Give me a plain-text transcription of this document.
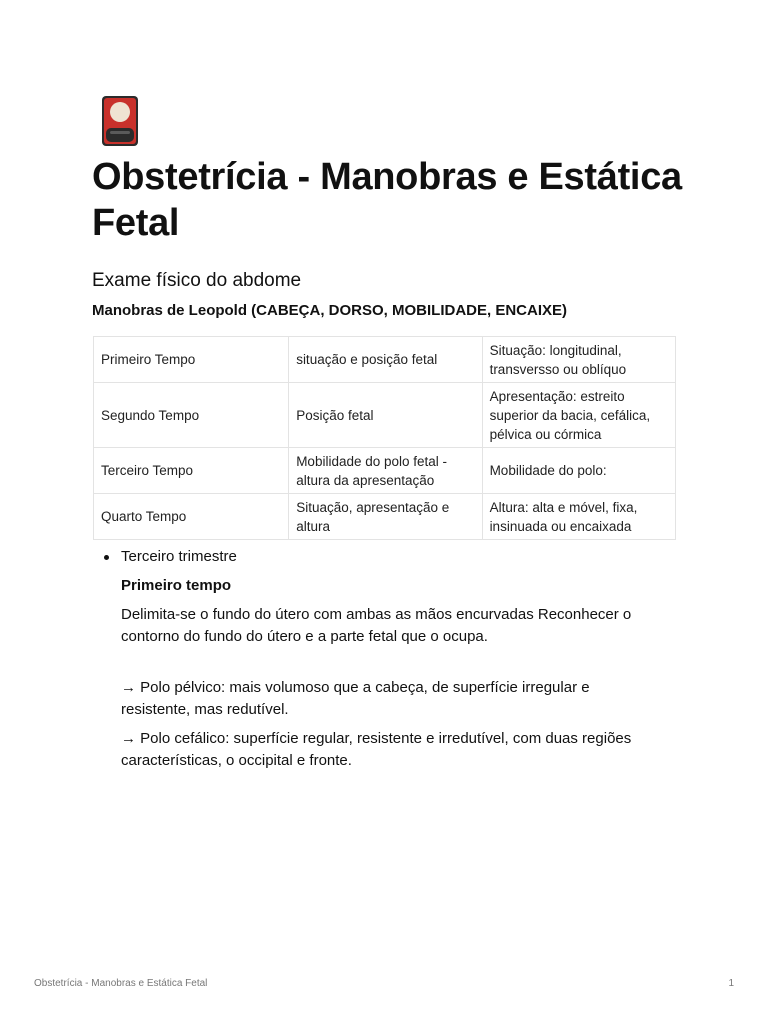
Obstetrícia - Manobras e Estática Fetal
Exame físico do abdome
Manobras de Leopold (CABEÇA, DORSO, MOBILIDADE, ENCAIXE)
Primeiro Tempo	situação e posição fetal	Situação: longitudinal, transversso ou oblíquo
Segundo Tempo	Posição fetal	Apresentação: estreito superior da bacia, cefálica, pélvica ou córmica
Terceiro Tempo	Mobilidade do polo fetal - altura da apresentação	Mobilidade do polo:
Quarto Tempo	Situação, apresentação e altura	Altura: alta e móvel, fixa, insinuada ou encaixada
Terceiro trimestre

Primeiro tempo

Delimita-se o fundo do útero com ambas as mãos encurvadas Reconhecer o contorno do fundo do útero e a parte fetal que o ocupa.

→ Polo pélvico: mais volumoso que a cabeça, de superfície irregular e resistente, mas redutível.

→ Polo cefálico: superfície regular, resistente e irredutível, com duas regiões características, o occipital e fronte.

Obstetrícia - Manobras e Estática Fetal	1
